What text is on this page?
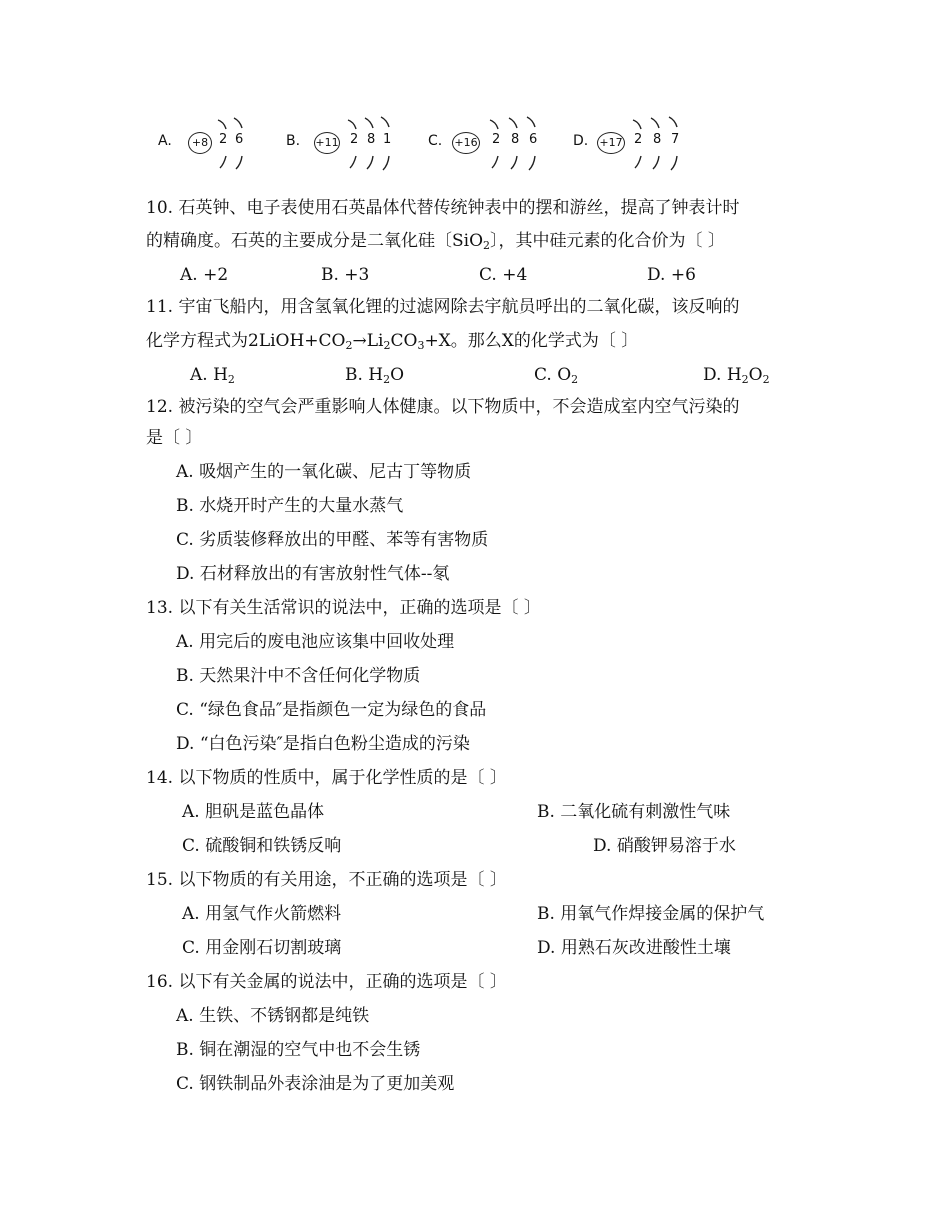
A.	+8 2 6	B. +11 2 8 1	C. +16 2 8 6	D. +17 2 8 7
10. 石英钟、电子表使用石英晶体代替传统钟表中的摆和游丝，提高了钟表计时
的精确度。石英的主要成分是二氧化硅〔SiO$_2$〕，其中硅元素的化合价为〔 〕
A. +2	B. +3	C. +4	D. +6
11. 宇宙飞船内，用含氢氧化锂的过滤网除去宇航员呼出的二氧化碳，该反响的
化学方程式为$2LiOH+CO_2\to Li_2CO_3+X$。那么X的化学式为〔 〕
A. $H_2$	B. $H_2O$	C. $O_2$	D. $H_2O_2$
12. 被污染的空气会严重影响人体健康。以下物质中，不会造成室内空气污染的
是〔 〕
A. 吸烟产生的一氧化碳、尼古丁等物质
B. 水烧开时产生的大量水蒸气
C. 劣质装修释放出的甲醛、苯等有害物质
D. 石材释放出的有害放射性气体--氡
13. 以下有关生活常识的说法中，正确的选项是〔 〕
A. 用完后的废电池应该集中回收处理
B. 天然果汁中不含任何化学物质
C. “绿色食品″是指颜色一定为绿色的食品
D. “白色污染″是指白色粉尘造成的污染
14. 以下物质的性质中，属于化学性质的是〔 〕
A. 胆矾是蓝色晶体	B. 二氧化硫有刺激性气味
C. 硫酸铜和铁锈反响	D. 硝酸钾易溶于水
15. 以下物质的有关用途，不正确的选项是〔 〕
A. 用氢气作火箭燃料	B. 用氧气作焊接金属的保护气
C. 用金刚石切割玻璃	D. 用熟石灰改进酸性土壤
16. 以下有关金属的说法中，正确的选项是〔 〕
A. 生铁、不锈钢都是纯铁
B. 铜在潮湿的空气中也不会生锈
C. 钢铁制品外表涂油是为了更加美观
